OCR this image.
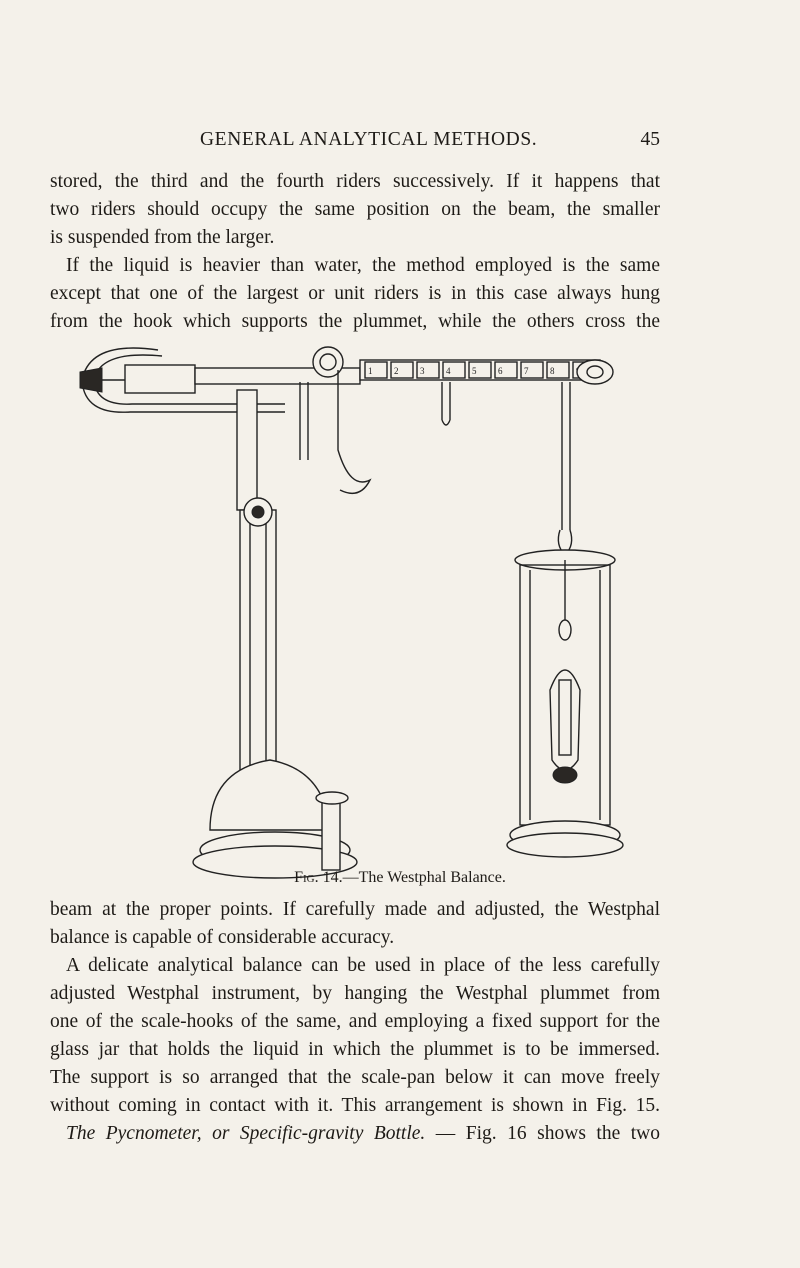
GENERAL ANALYTICAL METHODS.	45

stored, the third and the fourth riders successively. If it happens that

two riders should occupy the same position on the beam, the smaller

is suspended from the larger.

If the liquid is heavier than water, the method employed is the same

except that one of the largest or unit riders is in this case always hung

from the hook which supports the plummet, while the others cross the

1 2 3 4 5 6 7 8
Fig. 14.—The Westphal Balance.

beam at the proper points. If carefully made and adjusted, the Westphal

balance is capable of considerable accuracy.

A delicate analytical balance can be used in place of the less carefully

adjusted Westphal instrument, by hanging the Westphal plummet from

one of the scale-hooks of the same, and employing a fixed support for the

glass jar that holds the liquid in which the plummet is to be immersed.

The support is so arranged that the scale-pan below it can move freely

without coming in contact with it. This arrangement is shown in Fig. 15.

The Pycnometer, or Specific-gravity Bottle. — Fig. 16 shows the two
